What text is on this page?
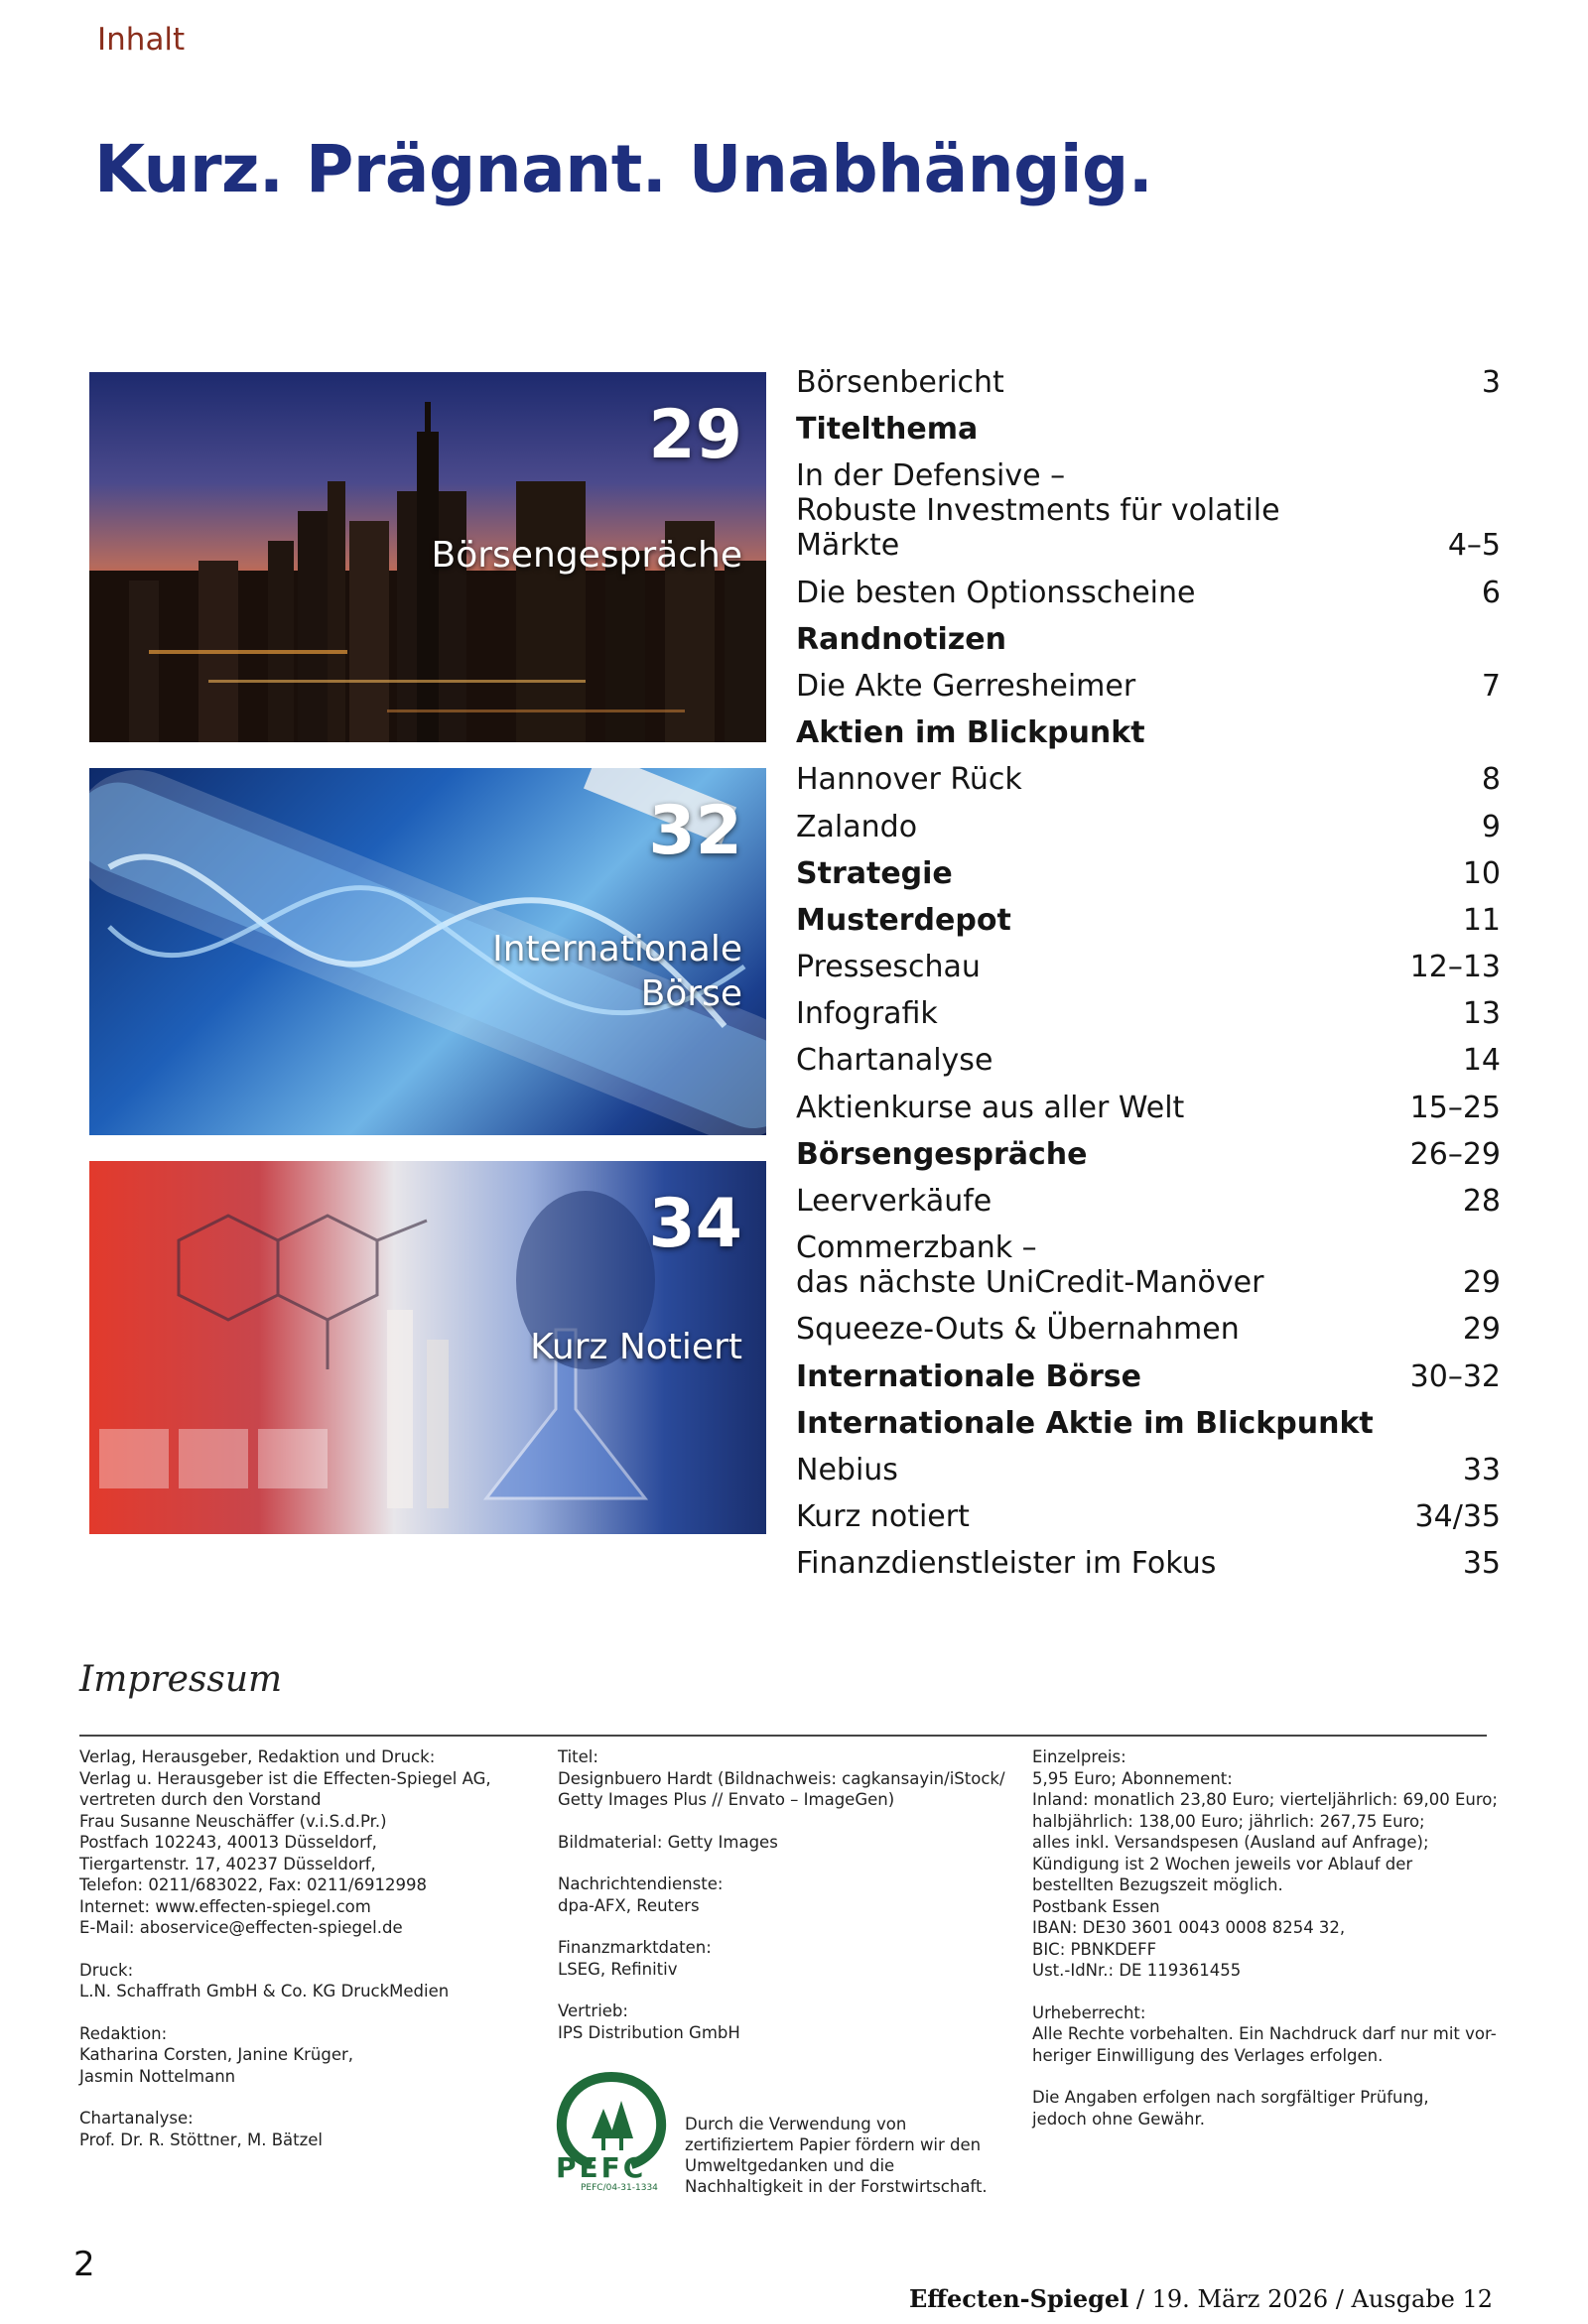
Inhalt
Kurz. Prägnant. Unabhängig.
29
Börsengespräche
32
Internationale
Börse
34
Kurz Notiert
Börsenbericht	3
Titelthema
In der Defensive –
Robuste Investments für volatile Märkte	4–5
Die besten Optionsscheine	6
Randnotizen
Die Akte Gerresheimer	7
Aktien im Blickpunkt
Hannover Rück	8
Zalando	9
Strategie	10
Musterdepot	11
Presseschau	12–13
Infografik	13
Chartanalyse	14
Aktienkurse aus aller Welt	15–25
Börsengespräche	26–29
Leerverkäufe	28
Commerzbank –
das nächste UniCredit-Manöver	29
Squeeze-Outs & Übernahmen	29
Internationale Börse	30–32
Internationale Aktie im Blickpunkt
Nebius	33
Kurz notiert	34/35
Finanzdienstleister im Fokus	35
Impressum

Verlag, Herausgeber, Redaktion und Druck:
Verlag u. Herausgeber ist die Effecten-Spiegel AG,
vertreten durch den Vorstand
Frau Susanne Neuschäffer (v.i.S.d.Pr.)
Postfach 102243, 40013 Düsseldorf,
Tiergartenstr. 17, 40237 Düsseldorf,
Telefon: 0211/683022, Fax: 0211/6912998
Internet: www.effecten-spiegel.com
E-Mail: aboservice@effecten-spiegel.de

Druck:
L.N. Schaffrath GmbH & Co. KG DruckMedien

Redaktion:
Katharina Corsten, Janine Krüger,
Jasmin Nottelmann

Chartanalyse:
Prof. Dr. R. Stöttner, M. Bätzel

Titel:
Designbuero Hardt (Bildnachweis: cagkansayin/iStock/
Getty Images Plus // Envato – ImageGen)

Bildmaterial: Getty Images

Nachrichtendienste:
dpa-AFX, Reuters

Finanzmarktdaten:
LSEG, Refinitiv

Vertrieb:
IPS Distribution GmbH

Einzelpreis:
5,95 Euro; Abonnement:
Inland: monatlich 23,80 Euro; vierteljährlich: 69,00 Euro;
halbjährlich: 138,00 Euro; jährlich: 267,75 Euro;
alles inkl. Versandspesen (Ausland auf Anfrage);
Kündigung ist 2 Wochen jeweils vor Ablauf der
bestellten Bezugszeit möglich.
Postbank Essen
IBAN: DE30 3601 0043 0008 8254 32,
BIC: PBNKDEFF
Ust.-IdNr.: DE 119361455

Urheberrecht:
Alle Rechte vorbehalten. Ein Nachdruck darf nur mit vor-
heriger Einwilligung des Verlages erfolgen.

Die Angaben erfolgen nach sorgfältiger Prüfung,
jedoch ohne Gewähr.

PEFC
PEFC/04-31-1334
Durch die Verwendung von zertifiziertem Papier fördern wir den Umweltgedanken und die Nachhaltigkeit in der Forstwirtschaft.
2
Effecten-Spiegel / 19. März 2026 / Ausgabe 12
